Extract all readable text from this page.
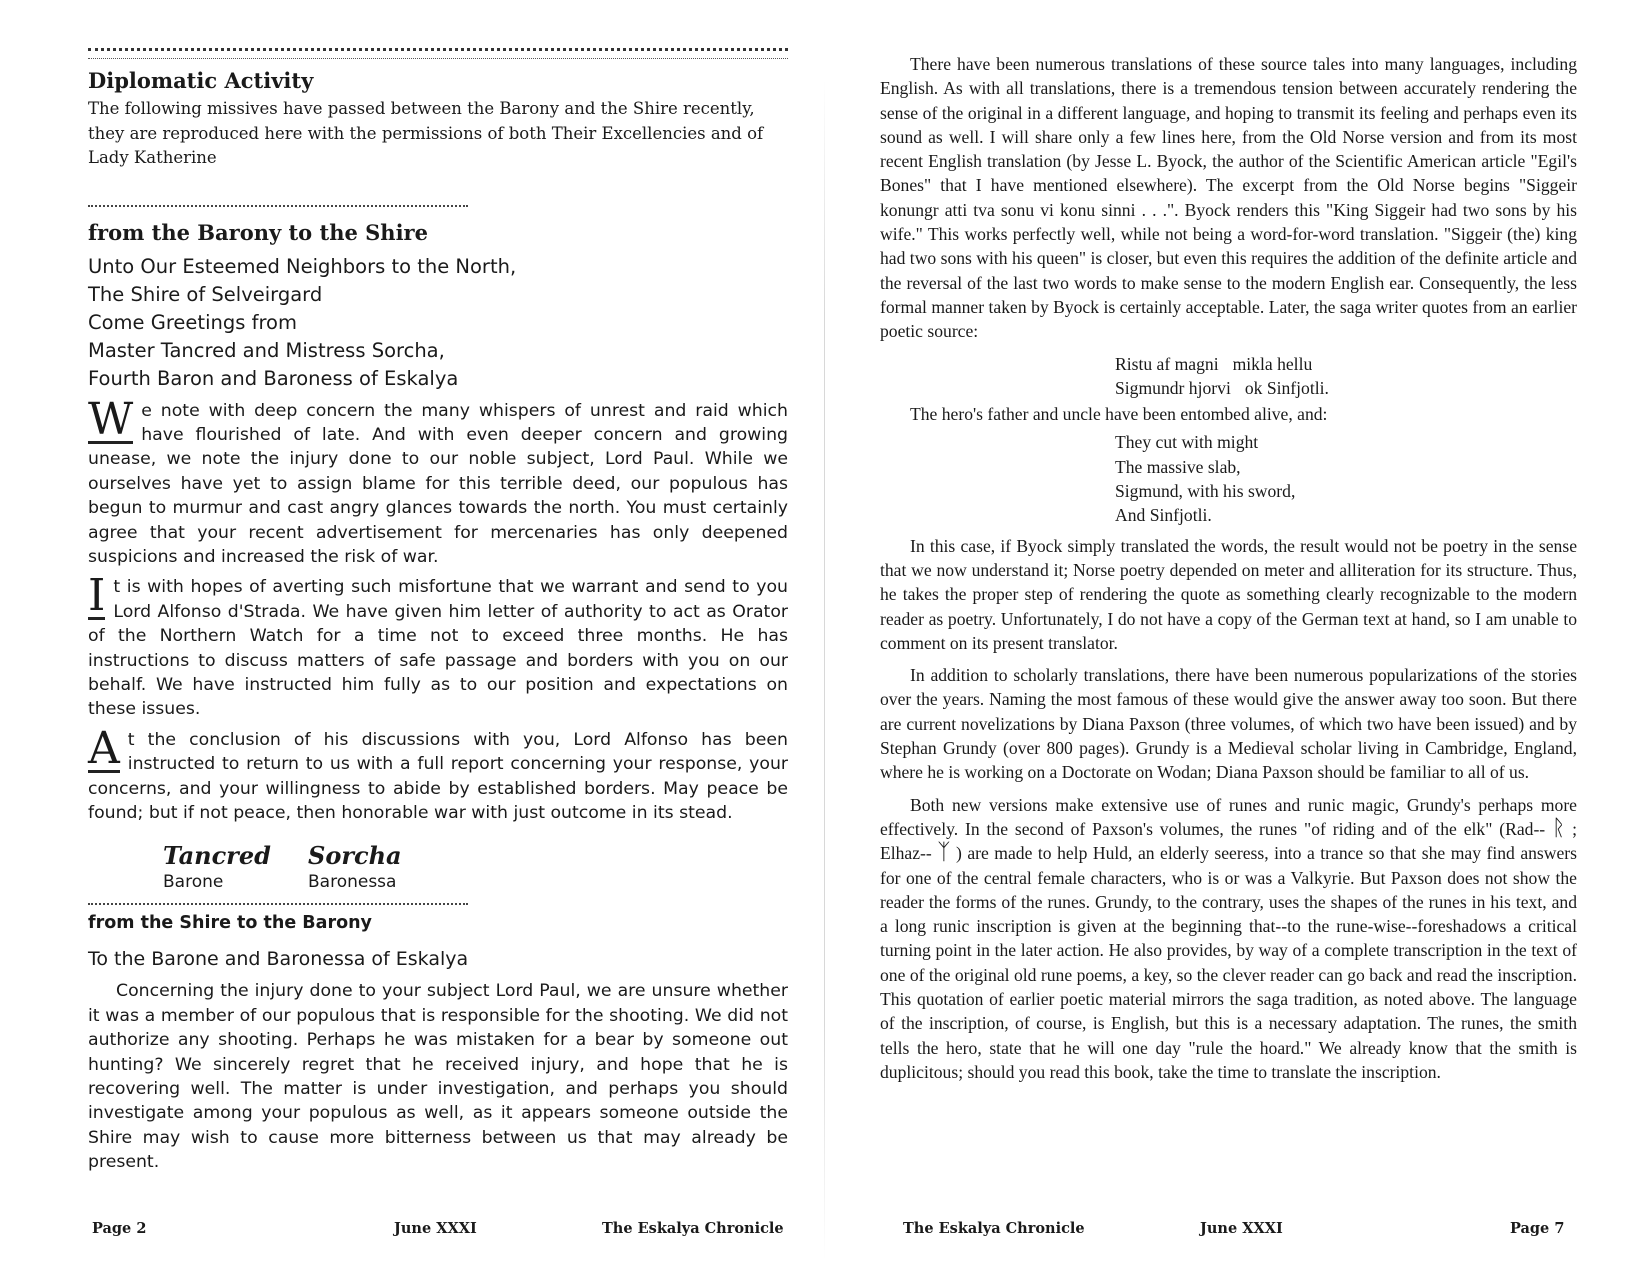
Diplomatic Activity
The following missives have passed between the Barony and the Shire recently, they are reproduced here with the permissions of both Their Excellencies and of Lady Katherine
from the Barony to the Shire
Unto Our Esteemed Neighbors to the North,
The Shire of Selveirgard
Come Greetings from
Master Tancred and Mistress Sorcha,
Fourth Baron and Baroness of Eskalya

W e note with deep concern the many whispers of unrest and raid which have flourished of late. And with even deeper concern and growing unease, we note the injury done to our noble subject, Lord Paul. While we ourselves have yet to assign blame for this terrible deed, our populous has begun to murmur and cast angry glances towards the north. You must certainly agree that your recent advertisement for mercenaries has only deepened suspicions and increased the risk of war.

I t is with hopes of averting such misfortune that we warrant and send to you Lord Alfonso d'Strada. We have given him letter of authority to act as Orator of the Northern Watch for a time not to exceed three months. He has instructions to discuss matters of safe passage and borders with you on our behalf. We have instructed him fully as to our position and expectations on these issues.

A t the conclusion of his discussions with you, Lord Alfonso has been instructed to return to us with a full report concerning your response, your concerns, and your willingness to abide by established borders. May peace be found; but if not peace, then honorable war with just outcome in its stead.

Tancred
Barone
Sorcha
Baronessa
from the Shire to the Barony
To the Barone and Baronessa of Eskalya

Concerning the injury done to your subject Lord Paul, we are unsure whether it was a member of our populous that is responsible for the shooting. We did not authorize any shooting. Perhaps he was mistaken for a bear by someone out hunting? We sincerely regret that he received injury, and hope that he is recovering well. The matter is under investigation, and perhaps you should investigate among your populous as well, as it appears someone outside the Shire may wish to cause more bitterness between us that may already be present.

Page 2	June XXXI	The Eskalya Chronicle

There have been numerous translations of these source tales into many languages, including English. As with all translations, there is a tremendous tension between accurately rendering the sense of the original in a different language, and hoping to transmit its feeling and perhaps even its sound as well. I will share only a few lines here, from the Old Norse version and from its most recent English translation (by Jesse L. Byock, the author of the Scientific American article "Egil's Bones" that I have mentioned elsewhere). The excerpt from the Old Norse begins "Siggeir konungr atti tva sonu vi konu sinni . . .". Byock renders this "King Siggeir had two sons by his wife." This works perfectly well, while not being a word-for-word translation. "Siggeir (the) king had two sons with his queen" is closer, but even this requires the addition of the definite article and the reversal of the last two words to make sense to the modern English ear. Consequently, the less formal manner taken by Byock is certainly acceptable. Later, the saga writer quotes from an earlier poetic source:

Ristu af magni mikla hellu
Sigmundr hjorvi ok Sinfjotli.

The hero's father and uncle have been entombed alive, and:

They cut with might
The massive slab,
Sigmund, with his sword,
And Sinfjotli.

In this case, if Byock simply translated the words, the result would not be poetry in the sense that we now understand it; Norse poetry depended on meter and alliteration for its structure. Thus, he takes the proper step of rendering the quote as something clearly recognizable to the modern reader as poetry. Unfortunately, I do not have a copy of the German text at hand, so I am unable to comment on its present translator.

In addition to scholarly translations, there have been numerous popularizations of the stories over the years. Naming the most famous of these would give the answer away too soon. But there are current novelizations by Diana Paxson (three volumes, of which two have been issued) and by Stephan Grundy (over 800 pages). Grundy is a Medieval scholar living in Cambridge, England, where he is working on a Doctorate on Wodan; Diana Paxson should be familiar to all of us.

Both new versions make extensive use of runes and runic magic, Grundy's perhaps more effectively. In the second of Paxson's volumes, the runes "of riding and of the elk" (Rad-- ᚱ ; Elhaz-- ᛉ ) are made to help Huld, an elderly seeress, into a trance so that she may find answers for one of the central female characters, who is or was a Valkyrie. But Paxson does not show the reader the forms of the runes. Grundy, to the contrary, uses the shapes of the runes in his text, and a long runic inscription is given at the beginning that--to the rune-wise--foreshadows a critical turning point in the later action. He also provides, by way of a complete transcription in the text of one of the original old rune poems, a key, so the clever reader can go back and read the inscription. This quotation of earlier poetic material mirrors the saga tradition, as noted above. The language of the inscription, of course, is English, but this is a necessary adaptation. The runes, the smith tells the hero, state that he will one day "rule the hoard." We already know that the smith is duplicitous; should you read this book, take the time to translate the inscription.

The Eskalya Chronicle	June XXXI	Page 7
